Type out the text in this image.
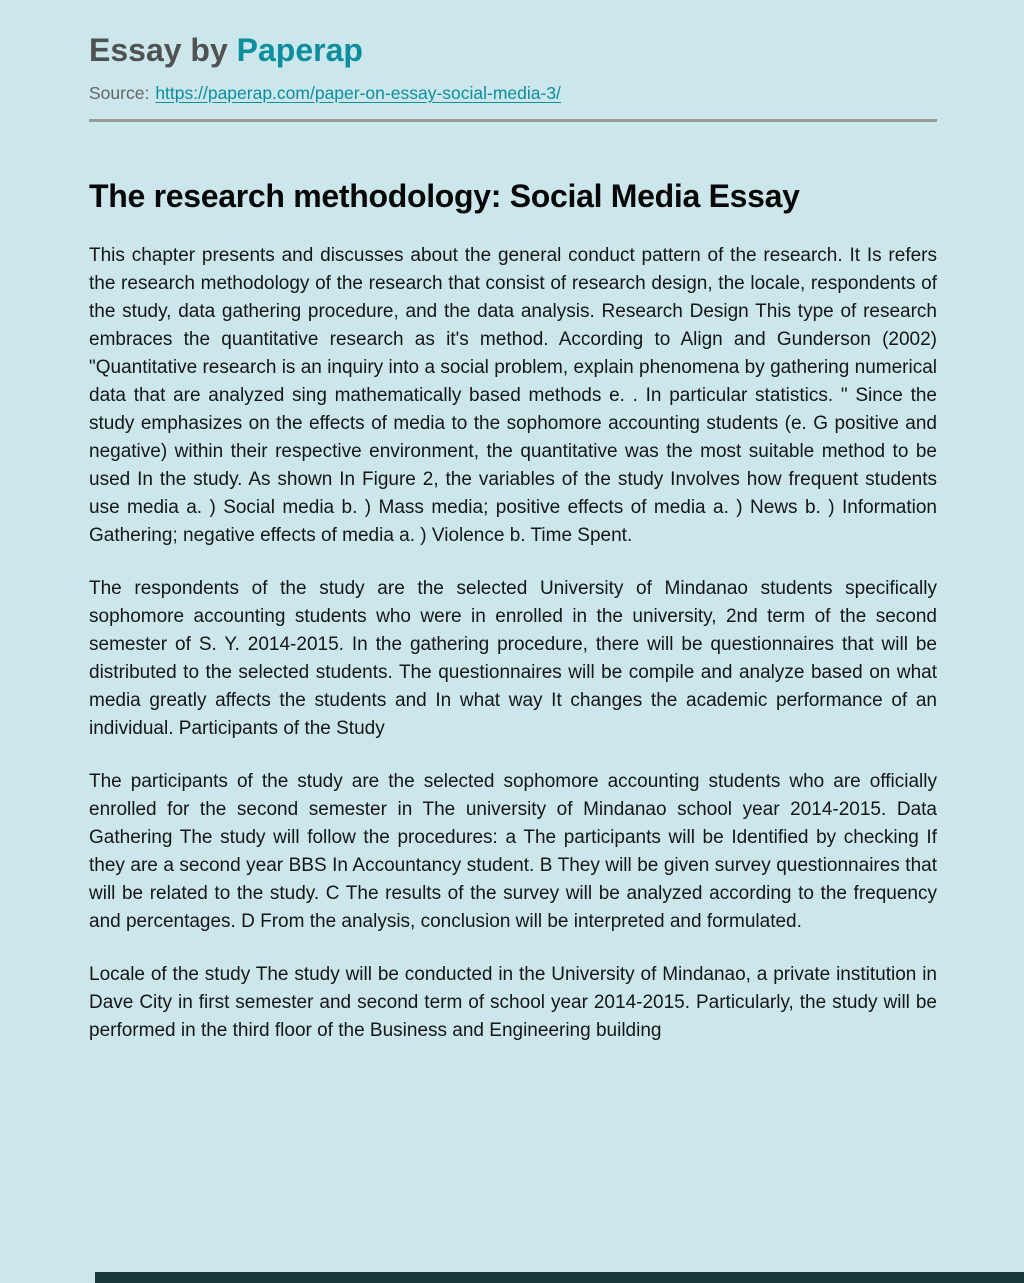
Essay by Paperap
Source: https://paperap.com/paper-on-essay-social-media-3/
The research methodology: Social Media Essay

This chapter presents and discusses about the general conduct pattern of the research. It Is refers the research methodology of the research that consist of research design, the locale, respondents of the study, data gathering procedure, and the data analysis. Research Design This type of research embraces the quantitative research as it's method. According to Align and Gunderson (2002) "Quantitative research is an inquiry into a social problem, explain phenomena by gathering numerical data that are analyzed sing mathematically based methods e. . In particular statistics. " Since the study emphasizes on the effects of media to the sophomore accounting students (e. G positive and negative) within their respective environment, the quantitative was the most suitable method to be used In the study. As shown In Figure 2, the variables of the study Involves how frequent students use media a. ) Social media b. ) Mass media; positive effects of media a. ) News b. ) Information Gathering; negative effects of media a. ) Violence b. Time Spent.

The respondents of the study are the selected University of Mindanao students specifically sophomore accounting students who were in enrolled in the university, 2nd term of the second semester of S. Y. 2014-2015. In the gathering procedure, there will be questionnaires that will be distributed to the selected students. The questionnaires will be compile and analyze based on what media greatly affects the students and In what way It changes the academic performance of an individual. Participants of the Study

The participants of the study are the selected sophomore accounting students who are officially enrolled for the second semester in The university of Mindanao school year 2014-2015. Data Gathering The study will follow the procedures: a The participants will be Identified by checking If they are a second year BBS In Accountancy student. B They will be given survey questionnaires that will be related to the study. C The results of the survey will be analyzed according to the frequency and percentages. D From the analysis, conclusion will be interpreted and formulated.

Locale of the study The study will be conducted in the University of Mindanao, a private institution in Dave City in first semester and second term of school year 2014-2015. Particularly, the study will be performed in the third floor of the Business and Engineering building
